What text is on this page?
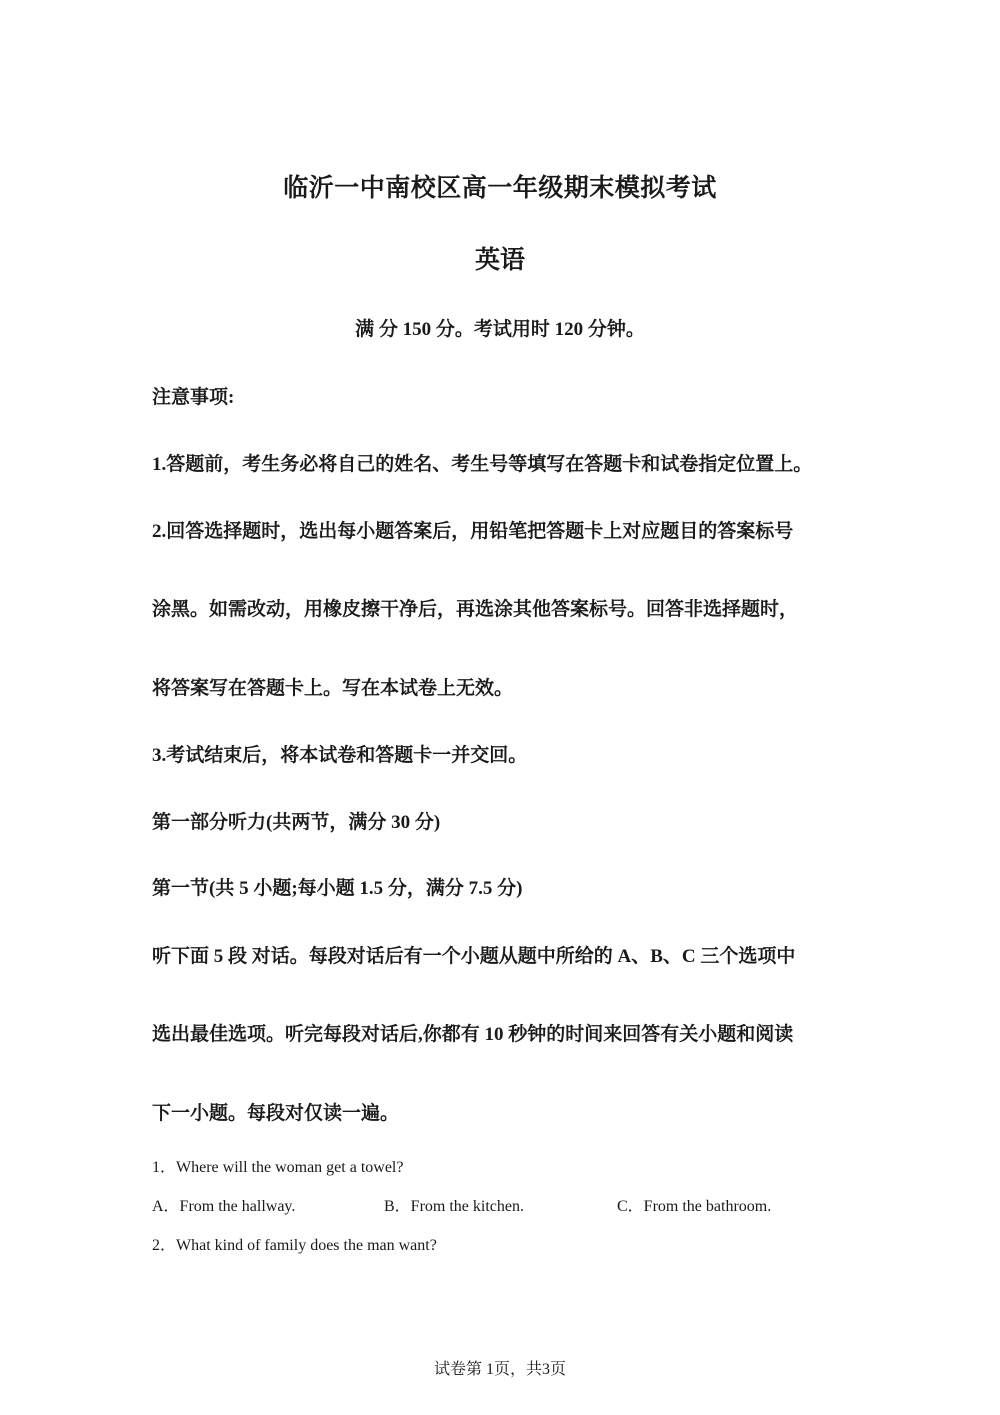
临沂一中南校区高一年级期末模拟考试
英语
满 分 150 分。考试用时 120 分钟。
注意事项:
1.答题前，考生务必将自己的姓名、考生号等填写在答题卡和试卷指定位置上。
2.回答选择题时，选出每小题答案后，用铅笔把答题卡上对应题目的答案标号
涂黑。如需改动，用橡皮擦干净后，再选涂其他答案标号。回答非选择题时，
将答案写在答题卡上。写在本试卷上无效。
3.考试结束后，将本试卷和答题卡一并交回。
第一部分听力(共两节，满分 30 分)
第一节(共 5 小题;每小题 1.5 分，满分 7.5 分)
听下面 5 段 对话。每段对话后有一个小题从题中所给的 A、B、C 三个选项中
选出最佳选项。听完每段对话后,你都有 10 秒钟的时间来回答有关小题和阅读
下一小题。每段对仅读一遍。
1．Where will the woman get a towel?
A．From the hallway.	B．From the kitchen.	C．From the bathroom.
2．What kind of family does the man want?
试卷第 1页，共3页
